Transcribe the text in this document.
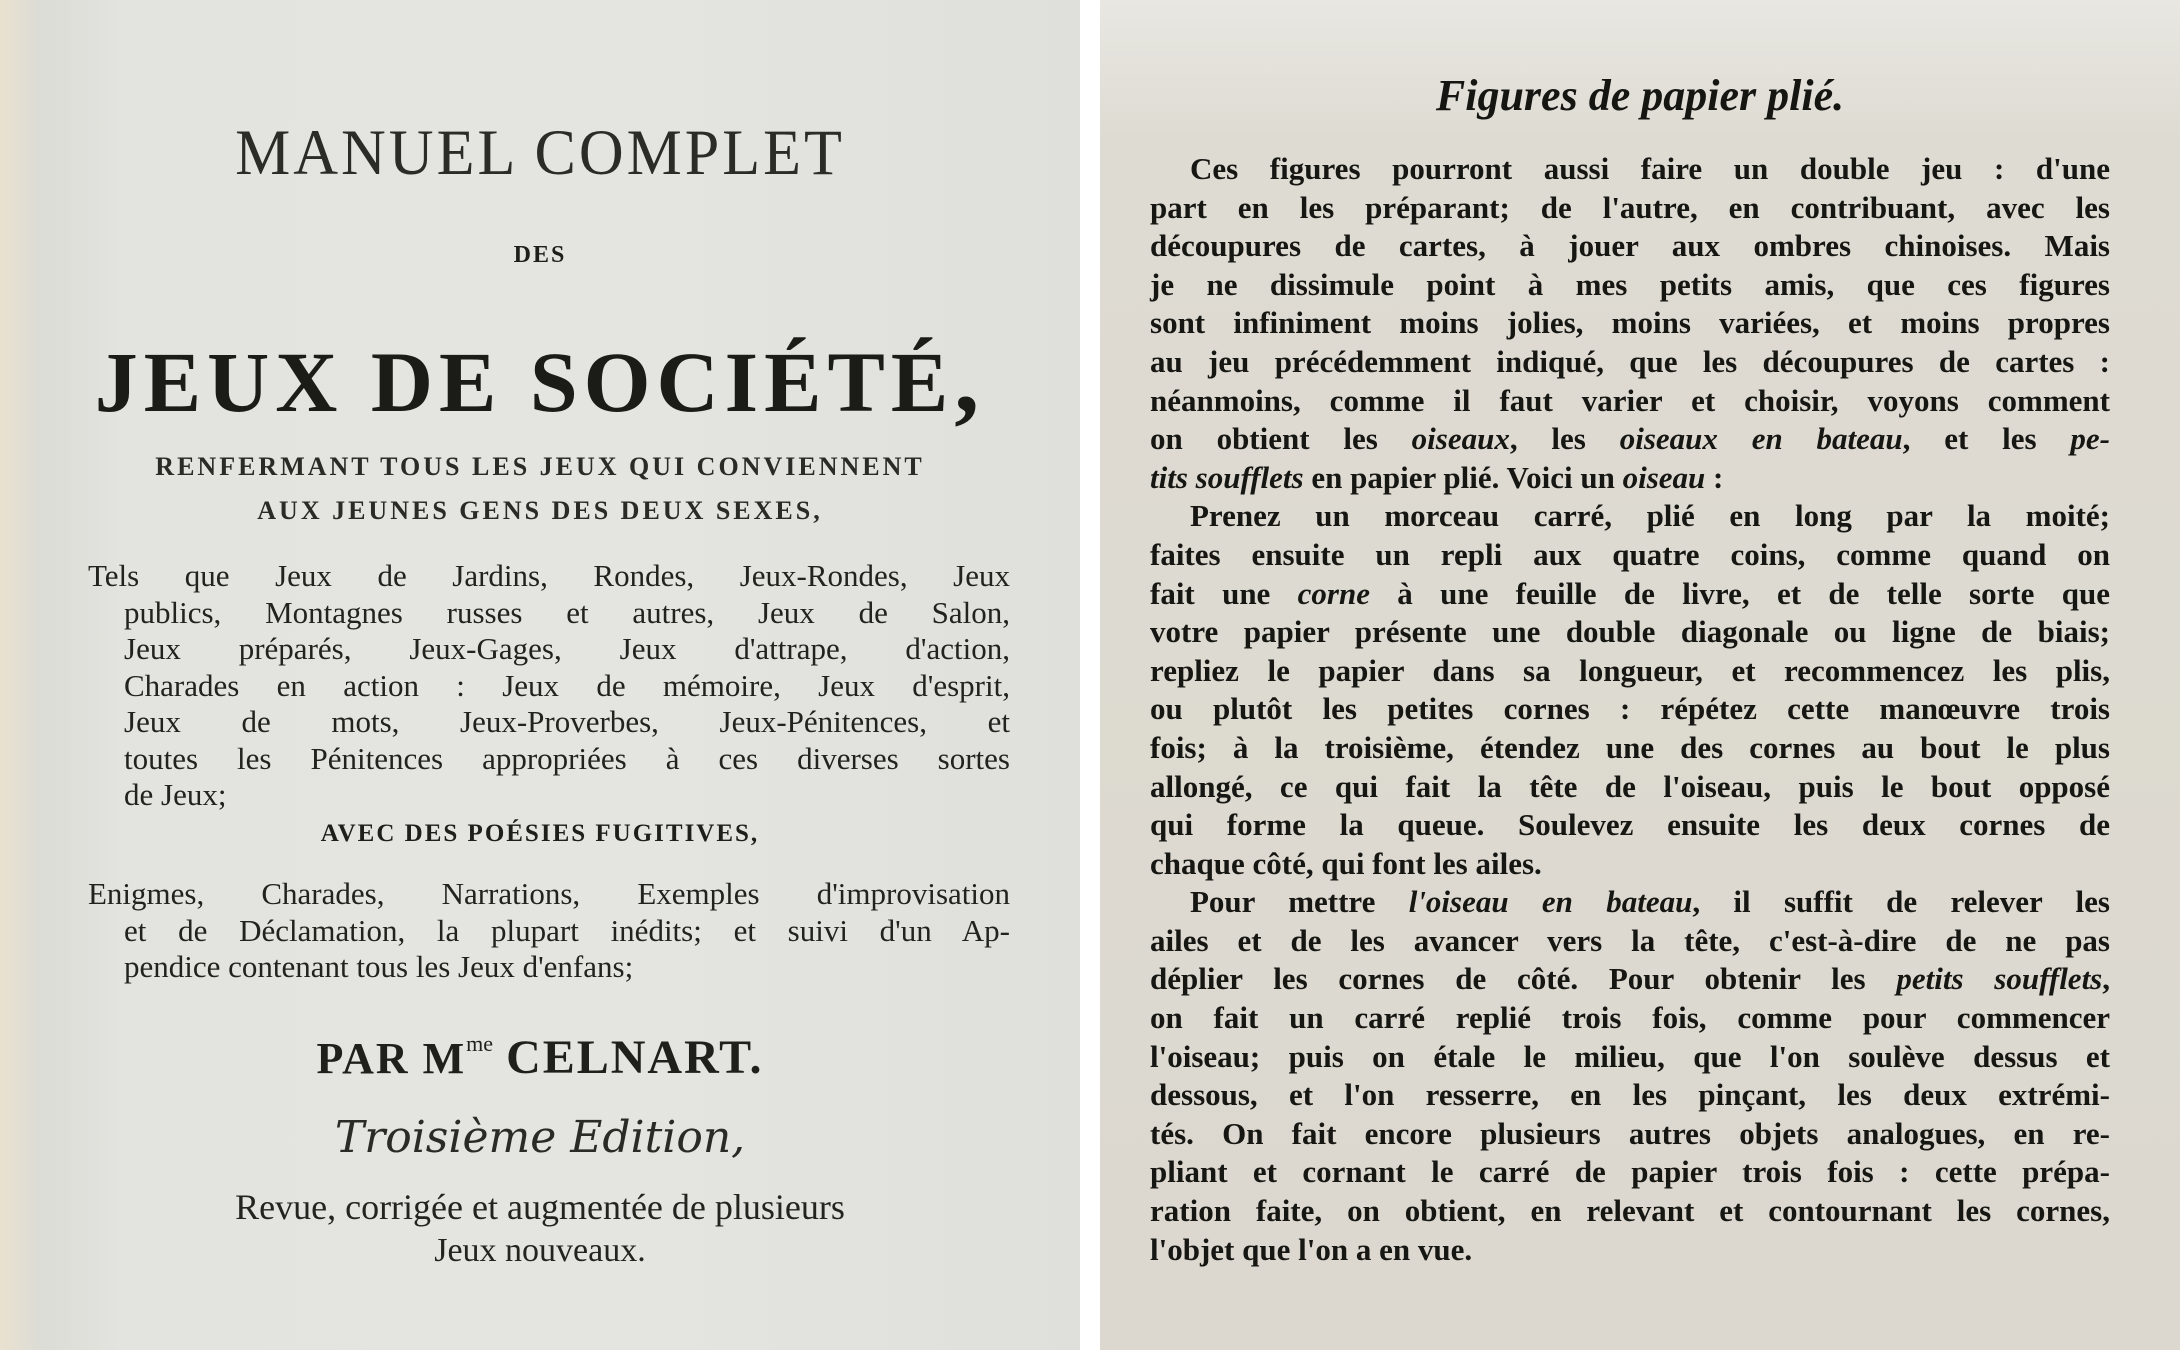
MANUEL COMPLET
DES
JEUX DE SOCIÉTÉ,
RENFERMANT TOUS LES JEUX QUI CONVIENNENT
AUX JEUNES GENS DES DEUX SEXES,
Tels que Jeux de Jardins, Rondes, Jeux-Rondes, Jeux
publics, Montagnes russes et autres, Jeux de Salon,
Jeux préparés, Jeux-Gages, Jeux d'attrape, d'action,
Charades en action : Jeux de mémoire, Jeux d'esprit,
Jeux de mots, Jeux-Proverbes, Jeux-Pénitences, et
toutes les Pénitences appropriées à ces diverses sortes
de Jeux;
AVEC DES POÉSIES FUGITIVES,
Enigmes, Charades, Narrations, Exemples d'improvisation
et de Déclamation, la plupart inédits; et suivi d'un Ap-
pendice contenant tous les Jeux d'enfans;
PAR $M^{me}$ CELNART.
Troisième Edition,
Revue, corrigée et augmentée de plusieurs
Jeux nouveaux.
Figures de papier plié.
Ces figures pourront aussi faire un double jeu : d'une
part en les préparant; de l'autre, en contribuant, avec les
découpures de cartes, à jouer aux ombres chinoises. Mais
je ne dissimule point à mes petits amis, que ces figures
sont infiniment moins jolies, moins variées, et moins propres
au jeu précédemment indiqué, que les découpures de cartes :
néanmoins, comme il faut varier et choisir, voyons comment
on obtient les oiseaux, les oiseaux en bateau, et les pe-
tits soufflets en papier plié. Voici un oiseau :
Prenez un morceau carré, plié en long par la moité;
faites ensuite un repli aux quatre coins, comme quand on
fait une corne à une feuille de livre, et de telle sorte que
votre papier présente une double diagonale ou ligne de biais;
repliez le papier dans sa longueur, et recommencez les plis,
ou plutôt les petites cornes : répétez cette manœuvre trois
fois; à la troisième, étendez une des cornes au bout le plus
allongé, ce qui fait la tête de l'oiseau, puis le bout opposé
qui forme la queue. Soulevez ensuite les deux cornes de
chaque côté, qui font les ailes.
Pour mettre l'oiseau en bateau, il suffit de relever les
ailes et de les avancer vers la tête, c'est-à-dire de ne pas
déplier les cornes de côté. Pour obtenir les petits soufflets,
on fait un carré replié trois fois, comme pour commencer
l'oiseau; puis on étale le milieu, que l'on soulève dessus et
dessous, et l'on resserre, en les pinçant, les deux extrémi-
tés. On fait encore plusieurs autres objets analogues, en re-
pliant et cornant le carré de papier trois fois : cette prépa-
ration faite, on obtient, en relevant et contournant les cornes,
l'objet que l'on a en vue.
